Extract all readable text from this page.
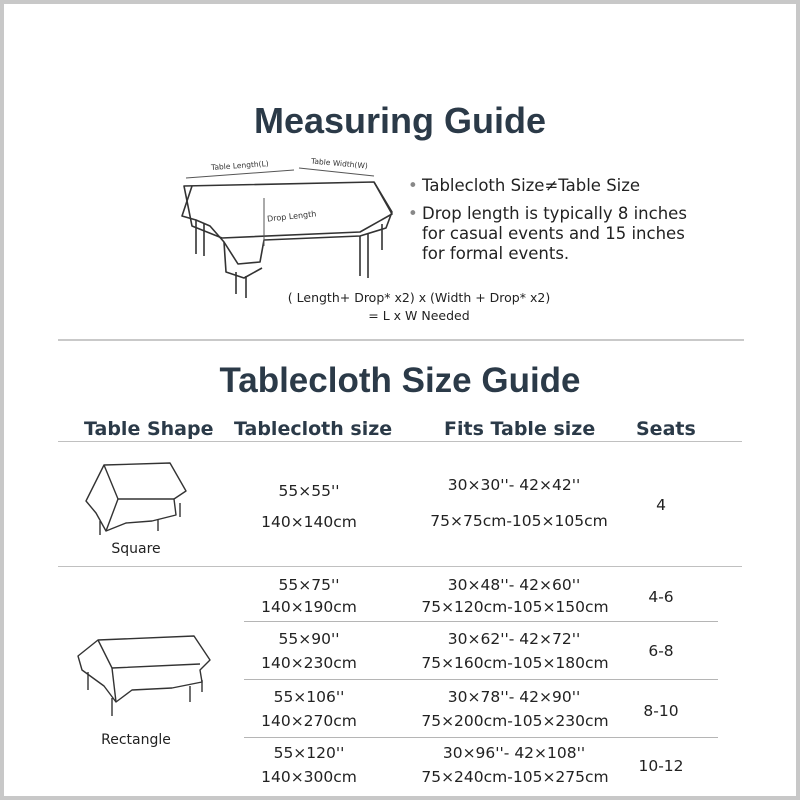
Measuring Guide
Table Length(L)	Table Width(W)
Drop Length
• Tablecloth Size≠Table Size
• Drop length is typically 8 inches
for casual events and 15 inches
for formal events.
( Length+ Drop* x2) x (Width + Drop* x2)
= L x W Needed
Tablecloth Size Guide
Table Shape Tablecloth size	Fits Table size Seats
Square
55×55''
140×140cm
30×30''- 42×42''
75×75cm-105×105cm
4
Rectangle
55×75''
140×190cm
30×48''- 42×60''
75×120cm-105×150cm
4-6
55×90''
140×230cm
30×62''- 42×72''
75×160cm-105×180cm
6-8
55×106''
140×270cm
30×78''- 42×90''
75×200cm-105×230cm
8-10
55×120''
140×300cm
30×96''- 42×108''
75×240cm-105×275cm
10-12
